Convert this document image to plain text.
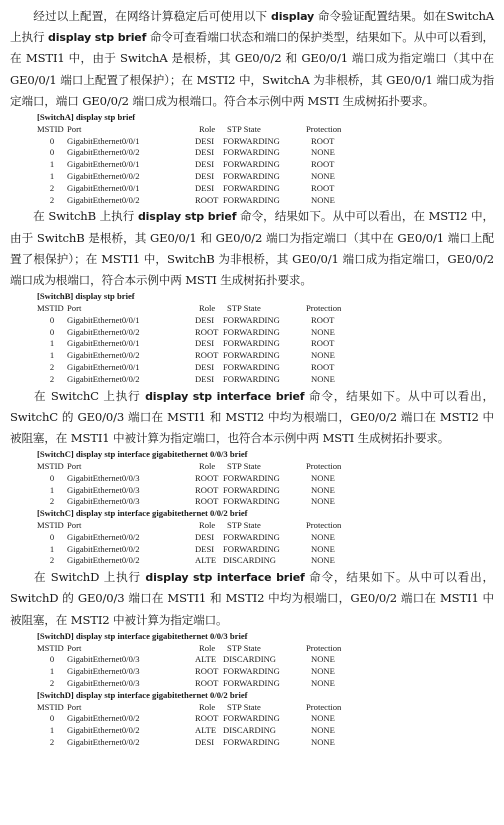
经过以上配置，在网络计算稳定后可使用以下 display 命令验证配置结果。如在SwitchA 上执行 display stp brief 命令可查看端口状态和端口的保护类型，结果如下。从中可以看到，在 MSTI1 中，由于 SwitchA 是根桥，其 GE0/0/2 和 GE0/0/1 端口成为指定端口（其中在 GE0/0/1 端口上配置了根保护）；在 MSTI2 中，SwitchA 为非根桥，其 GE0/0/1 端口成为指定端口，端口 GE0/0/2 端口成为根端口。符合本示例中两 MSTI 生成树拓扑要求。

[SwitchA] display stp brief
MSTID Port	Role STP State	Protection
0	GigabitEthernet0/0/1	DESI FORWARDING	ROOT
0	GigabitEthernet0/0/2	DESI FORWARDING	NONE
1	GigabitEthernet0/0/1	DESI FORWARDING	ROOT
1	GigabitEthernet0/0/2	DESI FORWARDING	NONE
2	GigabitEthernet0/0/1	DESI FORWARDING	ROOT
2	GigabitEthernet0/0/2	ROOT FORWARDING	NONE

在 SwitchB 上执行 display stp brief 命令，结果如下。从中可以看出，在 MSTI2 中，由于 SwitchB 是根桥，其 GE0/0/1 和 GE0/0/2 端口为指定端口（其中在 GE0/0/1 端口上配置了根保护）；在 MSTI1 中，SwitchB 为非根桥，其 GE0/0/1 端口成为指定端口，GE0/0/2 端口成为根端口，符合本示例中两 MSTI 生成树拓扑要求。

[SwitchB] display stp brief
MSTID Port	Role STP State	Protection
0	GigabitEthernet0/0/1	DESI FORWARDING	ROOT
0	GigabitEthernet0/0/2	ROOT FORWARDING	NONE
1	GigabitEthernet0/0/1	DESI FORWARDING	ROOT
1	GigabitEthernet0/0/2	ROOT FORWARDING	NONE
2	GigabitEthernet0/0/1	DESI FORWARDING	ROOT
2	GigabitEthernet0/0/2	DESI FORWARDING	NONE

在 SwitchC 上执行 display stp interface brief 命令，结果如下。从中可以看出，SwitchC 的 GE0/0/3 端口在 MSTI1 和 MSTI2 中均为根端口，GE0/0/2 端口在 MSTI2 中被阻塞，在 MSTI1 中被计算为指定端口，也符合本示例中两 MSTI 生成树拓扑要求。

[SwitchC] display stp interface gigabitethernet 0/0/3 brief
MSTID Port	Role STP State	Protection
0	GigabitEthernet0/0/3	ROOT FORWARDING	NONE
1	GigabitEthernet0/0/3	ROOT FORWARDING	NONE
2	GigabitEthernet0/0/3	ROOT FORWARDING	NONE
[SwitchC] display stp interface gigabitethernet 0/0/2 brief
MSTID Port	Role STP State	Protection
0	GigabitEthernet0/0/2	DESI FORWARDING	NONE
1	GigabitEthernet0/0/2	DESI FORWARDING	NONE
2	GigabitEthernet0/0/2	ALTE DISCARDING	NONE

在 SwitchD 上执行 display stp interface brief 命令，结果如下。从中可以看出，SwitchD 的 GE0/0/3 端口在 MSTI1 和 MSTI2 中均为根端口，GE0/0/2 端口在 MSTI1 中被阻塞，在 MSTI2 中被计算为指定端口。

[SwitchD] display stp interface gigabitethernet 0/0/3 brief
MSTID Port	Role STP State	Protection
0	GigabitEthernet0/0/3	ALTE DISCARDING	NONE
1	GigabitEthernet0/0/3	ROOT FORWARDING	NONE
2	GigabitEthernet0/0/3	ROOT FORWARDING	NONE
[SwitchD] display stp interface gigabitethernet 0/0/2 brief
MSTID Port	Role STP State	Protection
0	GigabitEthernet0/0/2	ROOT FORWARDING	NONE
1	GigabitEthernet0/0/2	ALTE DISCARDING	NONE
2	GigabitEthernet0/0/2	DESI FORWARDING	NONE
